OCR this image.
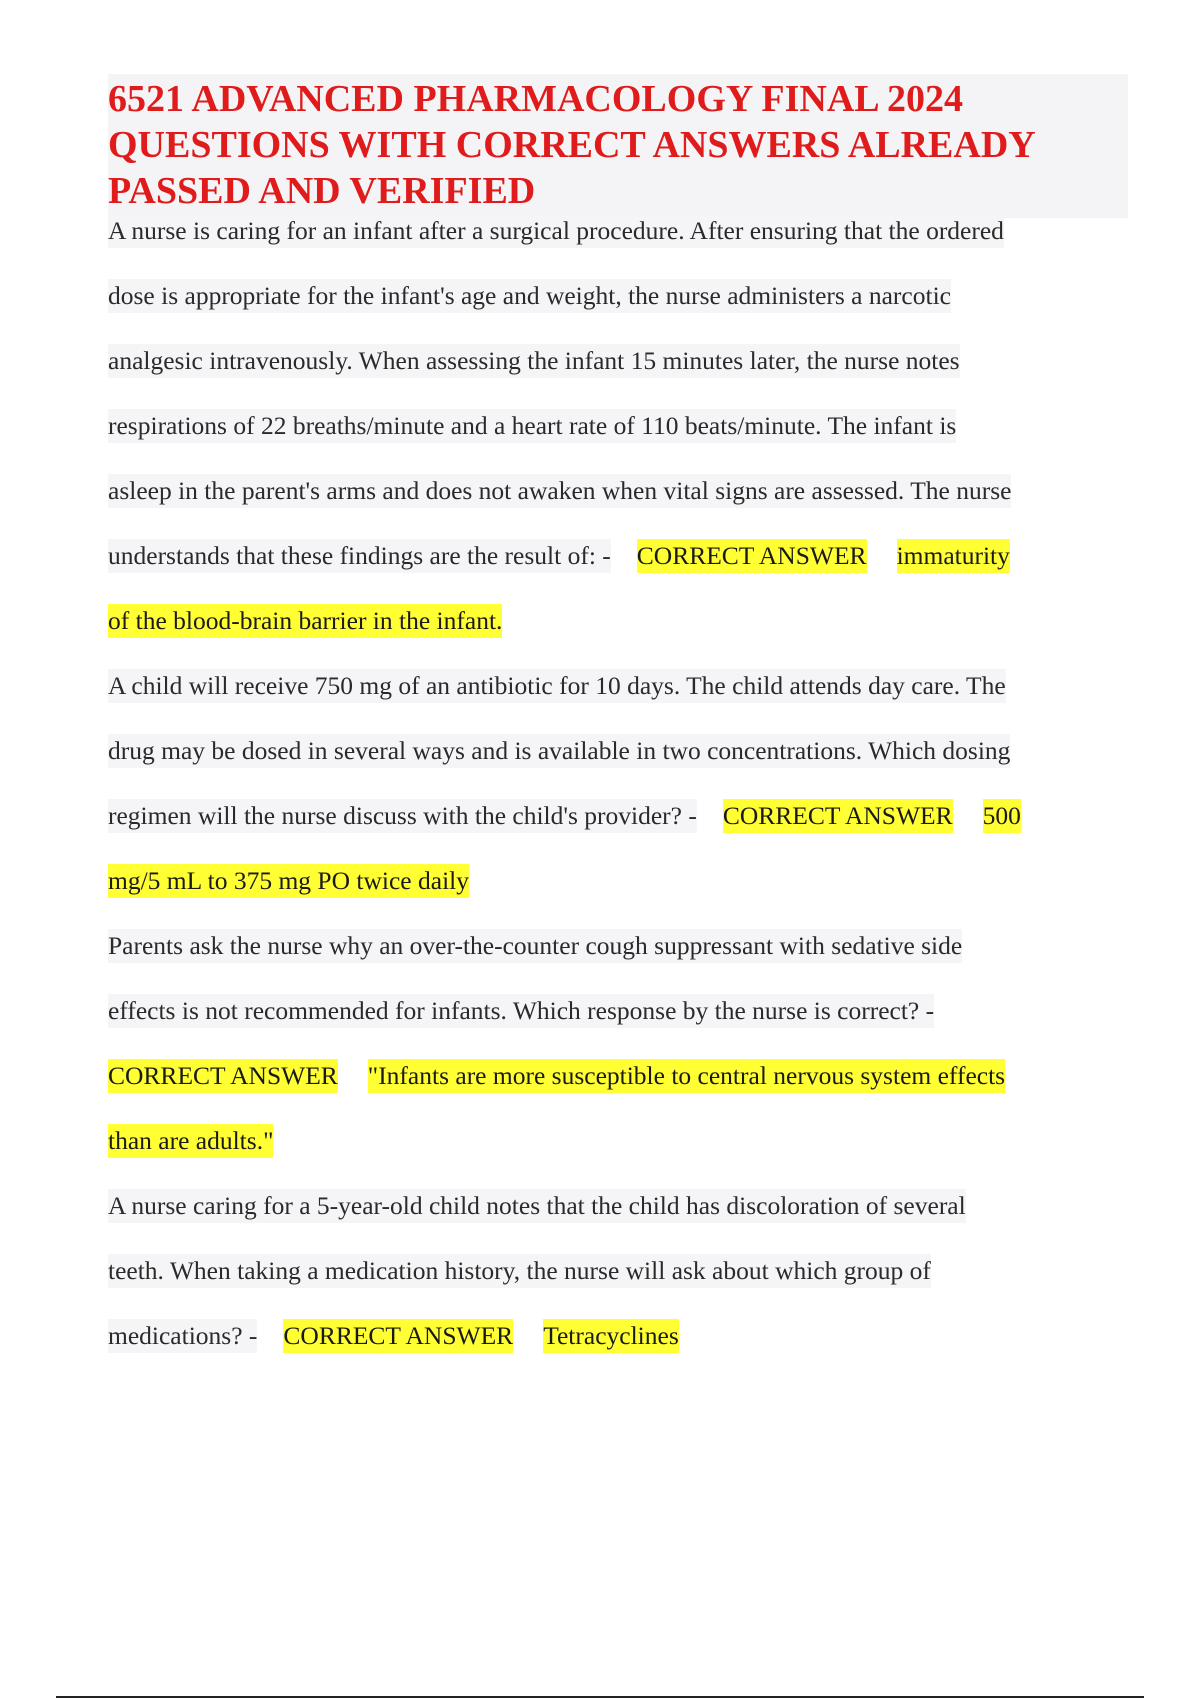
6521 ADVANCED PHARMACOLOGY FINAL 2024
QUESTIONS WITH CORRECT ANSWERS ALREADY
PASSED AND VERIFIED
A nurse is caring for an infant after a surgical procedure. After ensuring that the ordered
dose is appropriate for the infant's age and weight, the nurse administers a narcotic
analgesic intravenously. When assessing the infant 15 minutes later, the nurse notes
respirations of 22 breaths/minute and a heart rate of 110 beats/minute. The infant is
asleep in the parent's arms and does not awaken when vital signs are assessed. The nurse
understands that these findings are the result of: - CORRECT ANSWER immaturity
of the blood-brain barrier in the infant.
A child will receive 750 mg of an antibiotic for 10 days. The child attends day care. The
drug may be dosed in several ways and is available in two concentrations. Which dosing
regimen will the nurse discuss with the child's provider? - CORRECT ANSWER 500
mg/5 mL to 375 mg PO twice daily
Parents ask the nurse why an over-the-counter cough suppressant with sedative side
effects is not recommended for infants. Which response by the nurse is correct? -
CORRECT ANSWER "Infants are more susceptible to central nervous system effects
than are adults."
A nurse caring for a 5-year-old child notes that the child has discoloration of several
teeth. When taking a medication history, the nurse will ask about which group of
medications? - CORRECT ANSWER Tetracyclines
